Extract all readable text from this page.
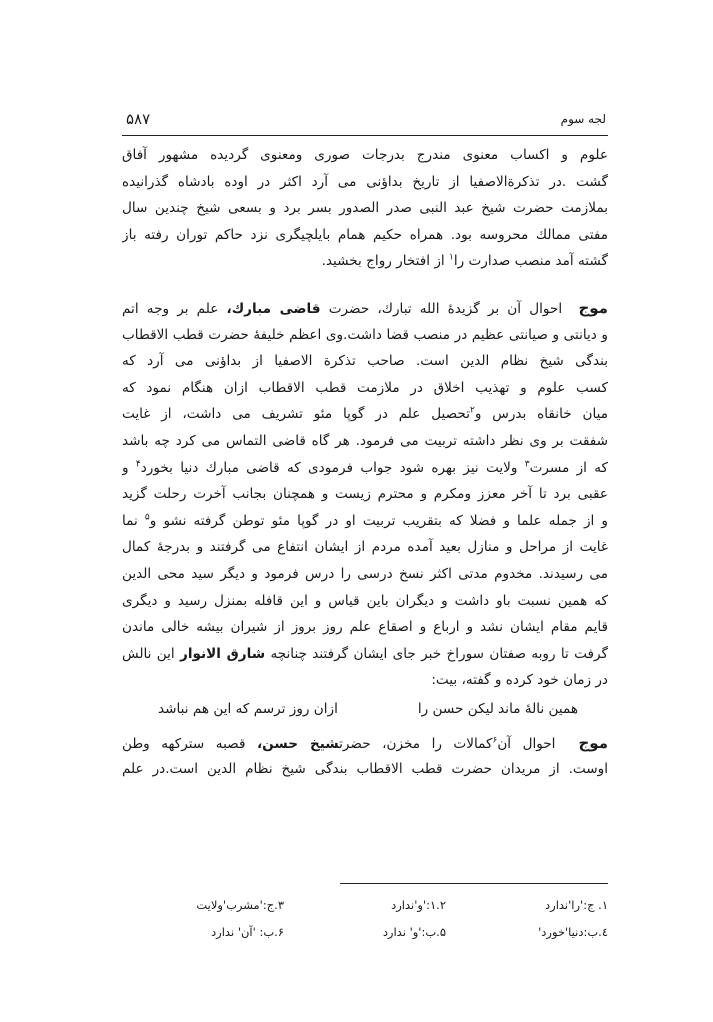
۵۸۷	لجه سوم
علوم و اکساب معنوی مندرج بدرجات صوری ومعنوی گردیده مشهور آفاق
گشت .در تذکرةالاصفیا از تاریخ بداؤنی می آرد اکثر در اوده بادشاه گذرانیده
بملازمت حضرت شیخ عبد النبی صدر الصدور بسر برد و بسعی شیخ چندین سال
مفتی ممالك محروسه بود. همراه حکیم همام بایلچیگری نزد حاکم توران رفته باز
گشته آمد منصب صدارت را$^۱$ از افتخار رواج بخشید.
موج  احوال آن بر گزیدهٔ الله تبارك، حضرت قاضی مبارك، علم بر وجه اتم
و دیانتی و صیانتی عظیم در منصب قضا داشت.وی اعظم خلیفهٔ حضرت قطب الاقطاب
بندگی شیخ نظام الدین است. صاحب تذکرة الاصفیا از بداؤنی می آرد که
کسب علوم و تهذیب اخلاق در ملازمت قطب الاقطاب ازان هنگام نمود که
میان خانقاه بدرس و$^۲$تحصیل علم در گوپا مئو تشریف می داشت، از غایت
شفقت بر وی نظر داشته تربیت می فرمود. هر گاه قاضی التماس می کرد چه باشد
که از مسرت$^۳$ ولایت نیز بهره شود جواب فرمودی که قاضی مبارك دنیا بخورد$^۴$ و
عقبی برد تا آخر معزز ومکرم و محترم زیست و همچنان بجانب آخرت رحلت گزید
و از جمله علما و فضلا که بتقریب تربیت او در گوپا مئو توطن گرفته نشو و$^۵$ نما
غایت از مراحل و منازل بعید آمده مردم از ایشان انتفاع می گرفتند و بدرجهٔ کمال
می رسیدند. مخدوم مدتی اکثر نسخ درسی را درس فرمود و دیگر سید محی الدین
که همین نسبت باو داشت و دیگران باین قیاس و این قافله بمنزل رسید و دیگری
قایم مقام ایشان نشد و ارباع و اصقاع علم روز بروز از شیران بیشه خالی ماندن
گرفت تا روبه صفتان سوراخ خبر جای ایشان گرفتند چنانچه شارق الانوار این نالش
در زمان خود کرده و گفته، بیت:
همین نالهٔ ماند لیکن حسن را
ازان روز ترسم که این هم نباشد
موج  احوال آن$^۶$کمالات را مخزن، حضرتشیخ حسن، قصبه سترکهه وطن
اوست. از مریدان حضرت قطب الاقطاب بندگی شیخ نظام الدین است.در علم
۱. ج:'را'ندارد
۱.۲:'و'ندارد
۳.ج:'مشرب'ولایت
٤.ب:دنیا'خورد'
۵.ب:'و' ندارد
۶.ب: 'آن' ندارد
